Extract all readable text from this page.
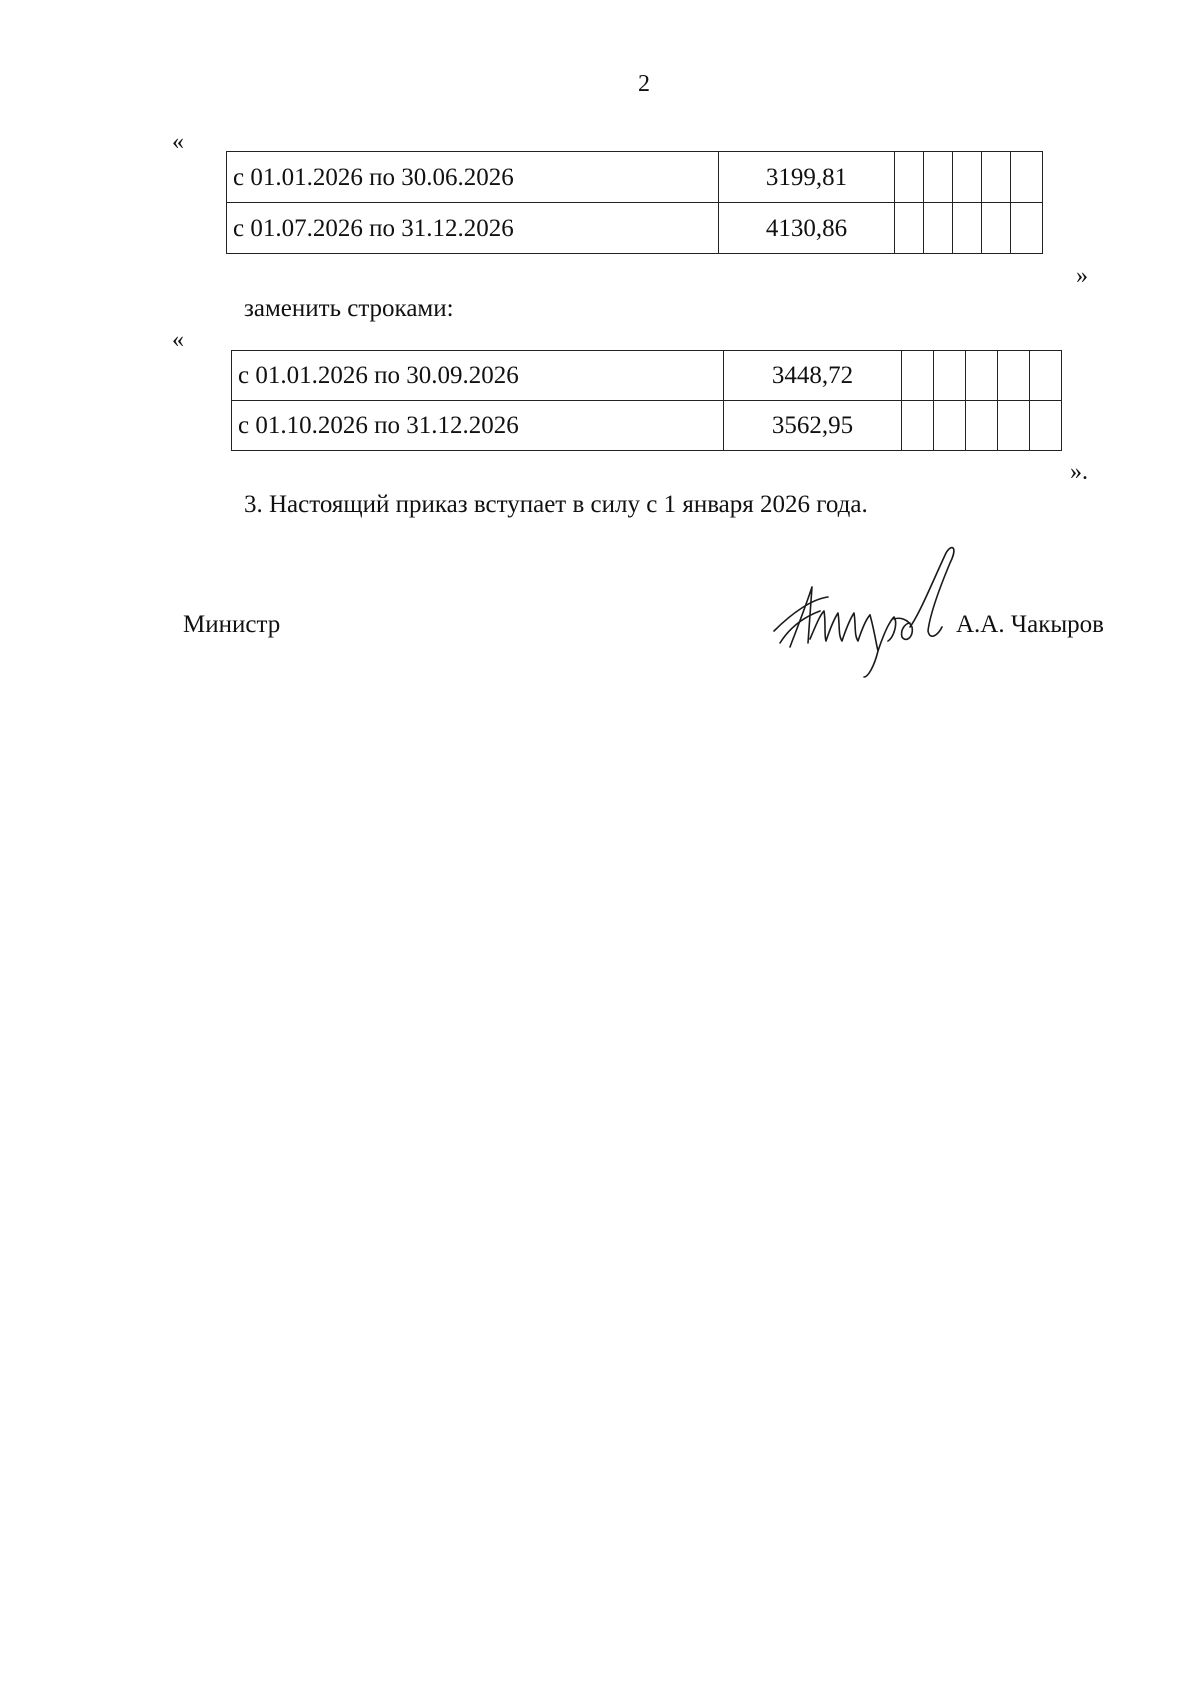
2
«
с 01.01.2026 по 30.06.2026	3199,81					
с 01.07.2026 по 31.12.2026	4130,86					
»
заменить строками:
«
с 01.01.2026 по 30.09.2026	3448,72					
с 01.10.2026 по 31.12.2026	3562,95					
».
3. Настоящий приказ вступает в силу с 1 января 2026 года.
Министр	А.А. Чакыров
